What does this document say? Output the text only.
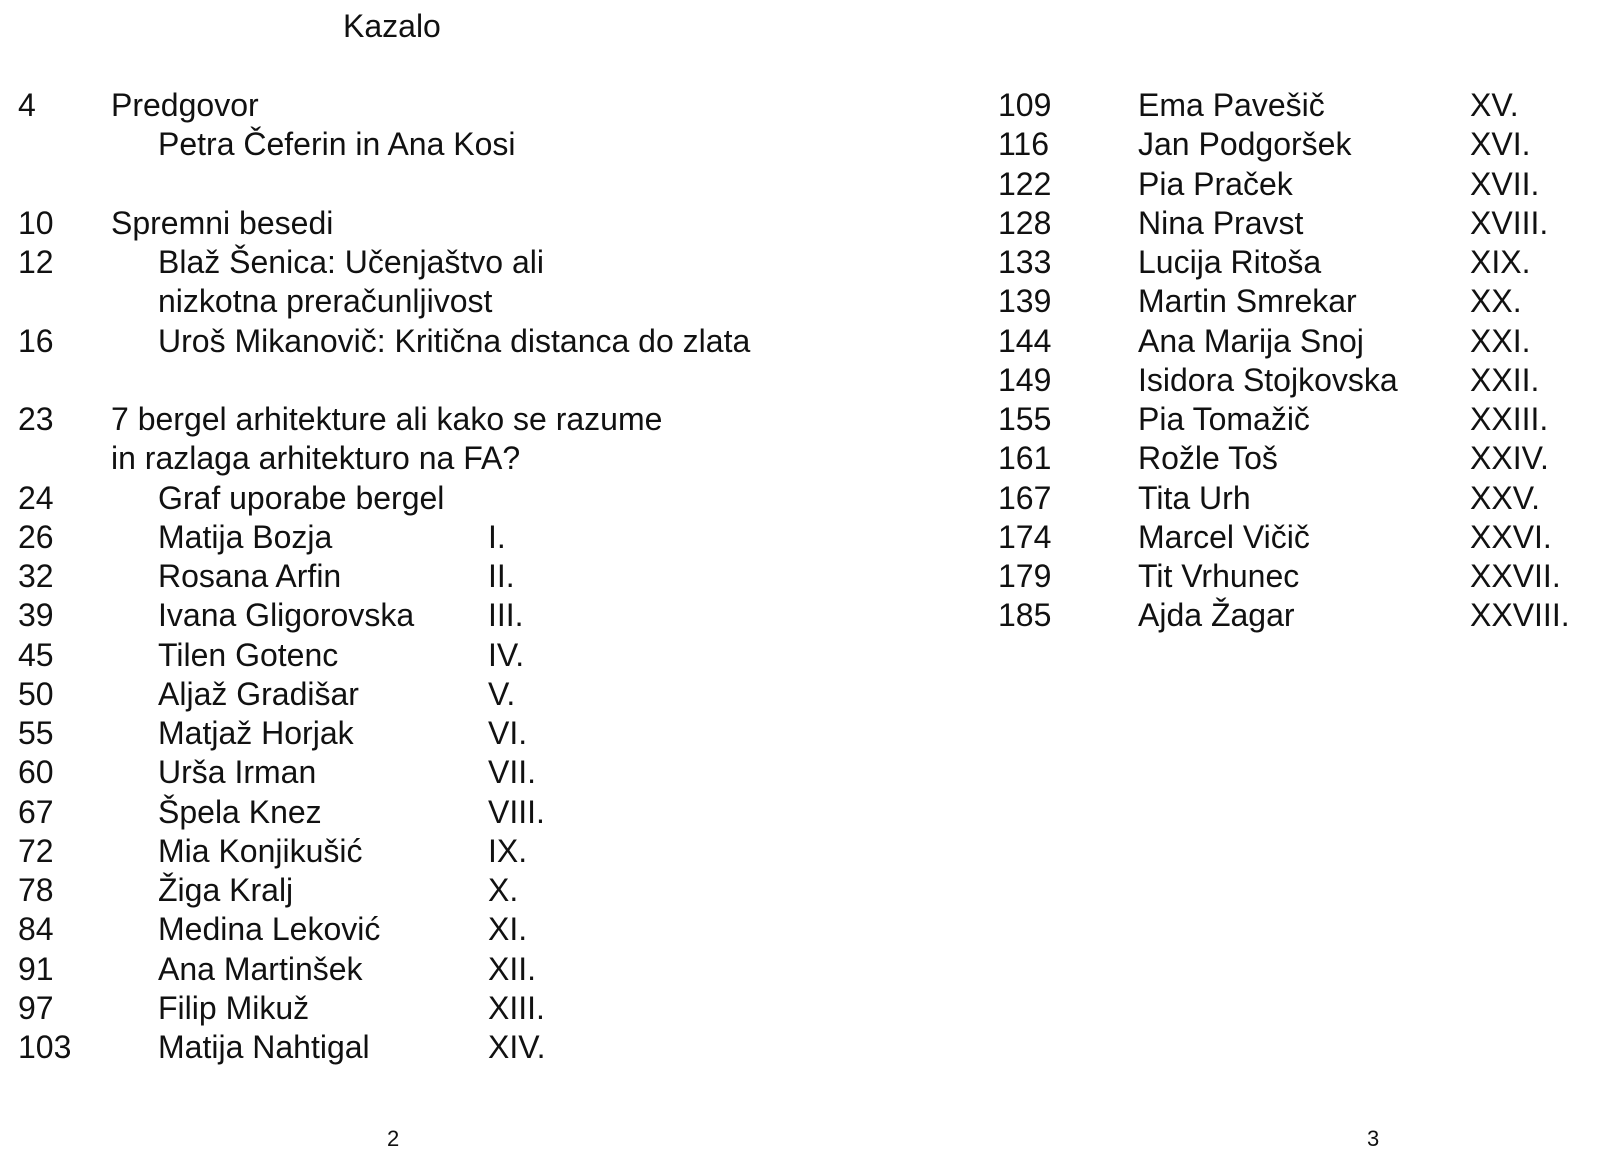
Kazalo
4 Predgovor
Petra Čeferin in Ana Kosi
10 Spremni besedi
12	Blaž Šenica: Učenjaštvo ali
nizkotna preračunljivost
16	Uroš Mikanovič: Kritična distanca do zlata
23 7 bergel arhitekture ali kako se razume
in razlaga arhitekturo na FA?
24	Graf uporabe bergel
26	Matija Bozja	I.
32	Rosana Arfin	II.
39	Ivana Gligorovska III.
45	Tilen Gotenc	IV.
50	Aljaž Gradišar	V.
55	Matjaž Horjak	VI.
60	Urša Irman	VII.
67	Špela Knez	VIII.
72	Mia Konjikušić	IX.
78	Žiga Kralj	X.
84	Medina Leković	XI.
91	Ana Martinšek	XII.
97	Filip Mikuž	XIII.
103	Matija Nahtigal	XIV.
109	Ema Pavešič	XV.
116	Jan Podgoršek	XVI.
122	Pia Praček	XVII.
128	Nina Pravst	XVIII.
133	Lucija Ritoša	XIX.
139	Martin Smrekar	XX.
144	Ana Marija Snoj	XXI.
149	Isidora Stojkovska XXII.
155	Pia Tomažič	XXIII.
161	Rožle Toš	XXIV.
167	Tita Urh	XXV.
174	Marcel Vičič	XXVI.
179	Tit Vrhunec	XXVII.
185	Ajda Žagar	XXVIII.
2	3
